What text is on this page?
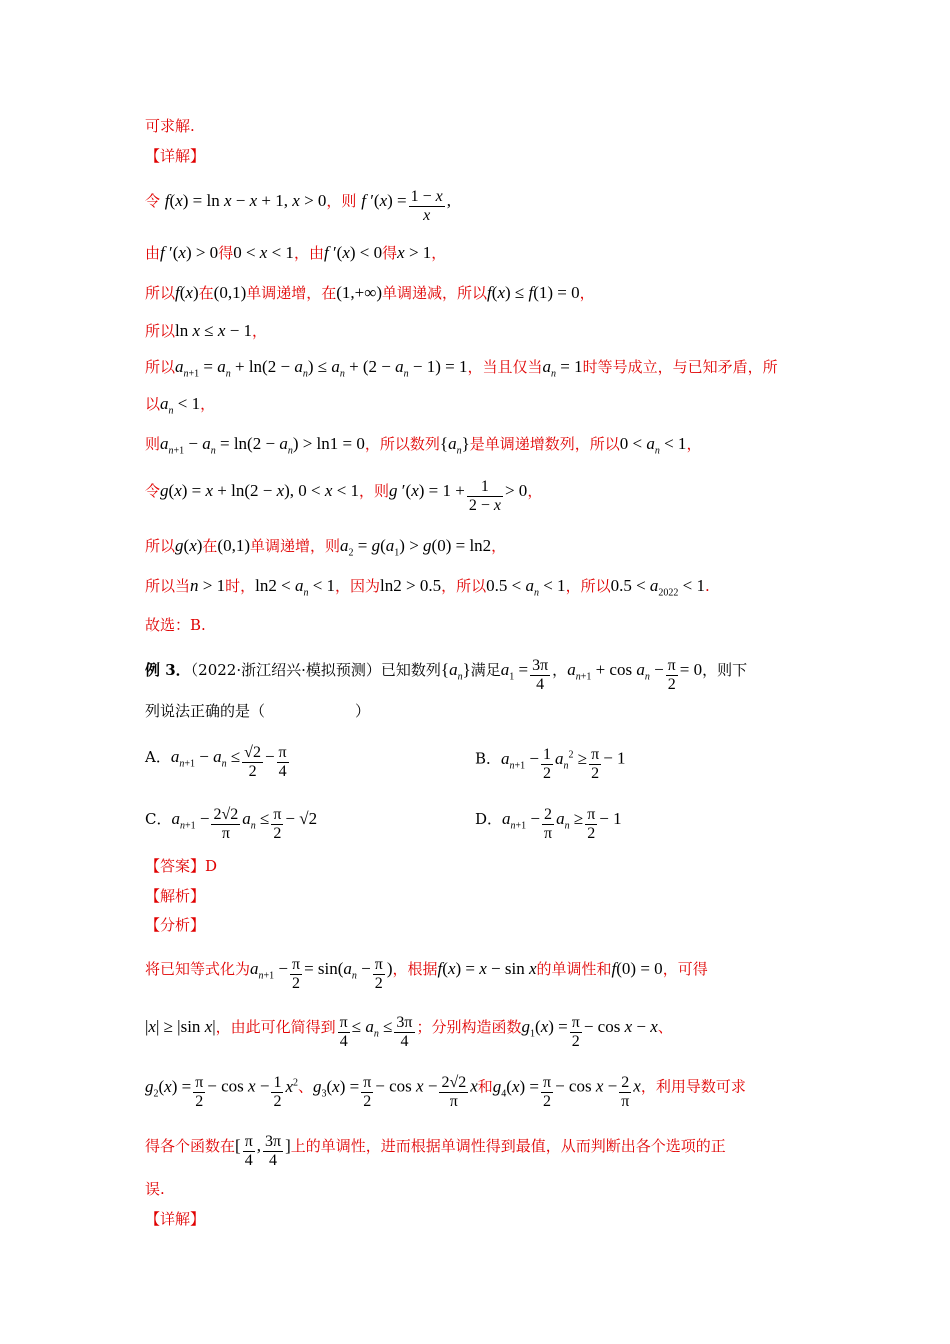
可求解.
【详解】
令 f(x) = ln x − x + 1, x > 0，则 f $'(x) = \frac{1 - x}{x}$ ,
由f ′(x) > 0得0 < x < 1，由f ′(x) < 0得x > 1，
所以f(x)在(0,1)单调递增，在(1,+∞)单调递减，所以f(x) ≤ f(1) = 0，
所以ln x ≤ x − 1，
所以$a_{n+1} = a_n + \ln(2 - a_n) \le a_n + (2 - a_n - 1) = 1$，当且仅当$a_n = 1$时等号成立，与已知矛盾，所
以$a_n < 1$，
则$a_{n+1} - a_n = \ln(2 - a_n) > \ln 1 = 0$，所以数列$\{a_n\}$是单调递增数列，所以$0 < a_n < 1$，
令g(x) = x + ln(2 − x), 0 < x < 1，则g $'(x) = 1 + \frac{1}{2 - x} > 0$，
所以g(x)在(0,1)单调递增，则$a_2 = g(a_1) > g(0) = \ln 2$，
所以当n > 1时，$\ln 2 < a_n < 1$，因为ln2 > 0.5，所以$0.5 < a_n < 1$，所以$0.5 < a_{2022} < 1$.
故选：B.
例 3．（2022·浙江绍兴·模拟预测）已知数列$\{a_n\}$满足$a_1 = \frac{3\pi}{4}$ ，$a_{n+1} + \cos a_n - \frac{\pi}{2} = 0$，则下
列说法正确的是（　　　　　　）
A．$a_{n+1} - a_n \le \frac{√2}{2} - \frac{\pi}{4}$	B．$a_{n+1} - \frac{1}{2} a_n^2 \ge \frac{\pi}{2} - 1$
C．$a_{n+1} - \frac{2√2}{\pi} a_n \le \frac{\pi}{2} - √2$	D．$a_{n+1} - \frac{2}{\pi} a_n \ge \frac{\pi}{2} - 1$
【答案】D
【解析】
【分析】
将已知等式化为$a_{n+1} - \frac{\pi}{2} = \sin(a_n - \frac{\pi}{2}$ )，根据f(x) = x − sin x的单调性和f(0) = 0，可得
|x| ≥ |sin x|，由此可化简得到 $\frac{\pi}{4} \le a_n \le \frac{3\pi}{4}$ ；分别构造函数$g_1(x) = \frac{\pi}{2} - \cos x - x$、
$g_2(x) = \frac{\pi}{2} - \cos x - \frac{1}{2} x^2$、$g_3(x) = \frac{\pi}{2} - \cos x - \frac{2√2}{\pi}$ x和$g_4(x) = \frac{\pi}{2} - \cos x - \frac{2}{\pi}$ x，利用导数可求
得各个函数在[ $\frac{\pi}{4}$ , $\frac{3\pi}{4}$ ]上的单调性，进而根据单调性得到最值，从而判断出各个选项的正
误.
【详解】
